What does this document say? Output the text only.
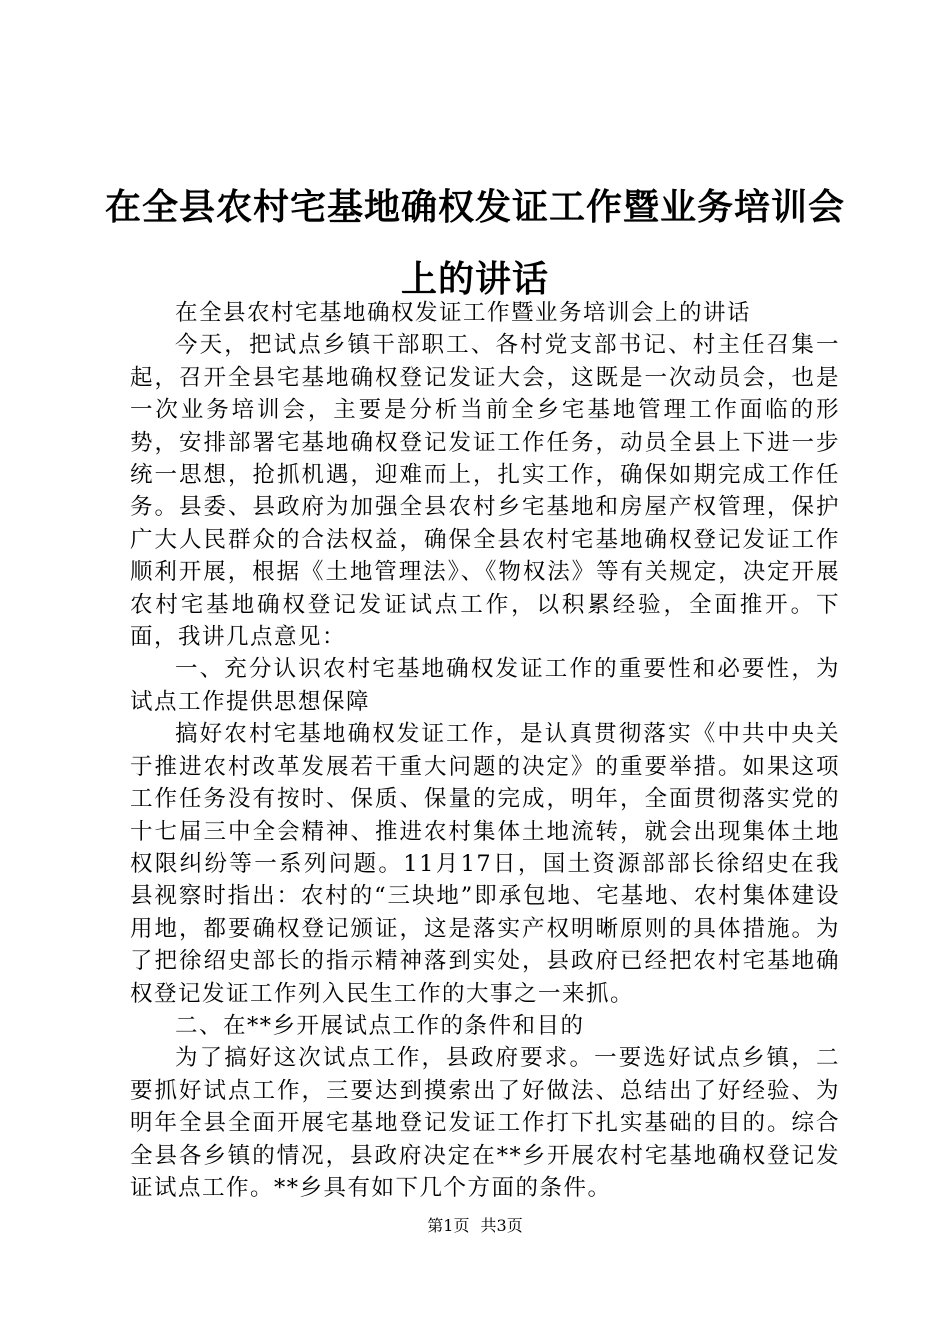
在全县农村宅基地确权发证工作暨业务培训会
上的讲话

在全县农村宅基地确权发证工作暨业务培训会上的讲话

今天，把试点乡镇干部职工、各村党支部书记、村主任召集一起，召开全县宅基地确权登记发证大会，这既是一次动员会，也是一次业务培训会，主要是分析当前全乡宅基地管理工作面临的形势，安排部署宅基地确权登记发证工作任务，动员全县上下进一步统一思想，抢抓机遇，迎难而上，扎实工作，确保如期完成工作任务。县委、县政府为加强全县农村乡宅基地和房屋产权管理，保护广大人民群众的合法权益，确保全县农村宅基地确权登记发证工作顺利开展，根据《土地管理法》、《物权法》等有关规定，决定开展农村宅基地确权登记发证试点工作，以积累经验，全面推开。下面，我讲几点意见：

一、充分认识农村宅基地确权发证工作的重要性和必要性，为试点工作提供思想保障

搞好农村宅基地确权发证工作，是认真贯彻落实《中共中央关于推进农村改革发展若干重大问题的决定》的重要举措。如果这项工作任务没有按时、保质、保量的完成，明年，全面贯彻落实党的十七届三中全会精神、推进农村集体土地流转，就会出现集体土地权限纠纷等一系列问题。11月17日，国土资源部部长徐绍史在我县视察时指出：农村的“三块地”即承包地、宅基地、农村集体建设用地，都要确权登记颁证，这是落实产权明晰原则的具体措施。为了把徐绍史部长的指示精神落到实处，县政府已经把农村宅基地确权登记发证工作列入民生工作的大事之一来抓。

二、在**乡开展试点工作的条件和目的

为了搞好这次试点工作，县政府要求。一要选好试点乡镇，二要抓好试点工作，三要达到摸索出了好做法、总结出了好经验、为明年全县全面开展宅基地登记发证工作打下扎实基础的目的。综合全县各乡镇的情况，县政府决定在**乡开展农村宅基地确权登记发证试点工作。**乡具有如下几个方面的条件。

第1页 共3页
